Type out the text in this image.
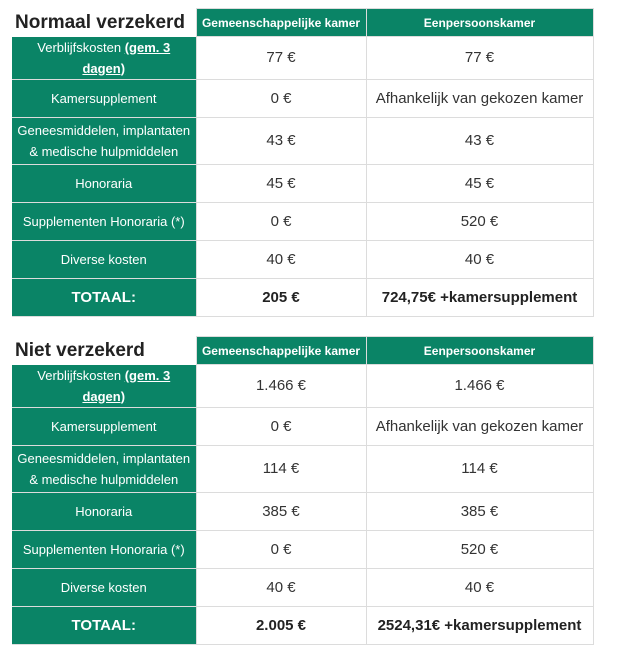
Normaal verzekerd	Gemeenschappelijke kamer	Eenpersoonskamer
Verblijfskosten (gem. 3 dagen)	77 €	77 €
Kamersupplement	0 €	Afhankelijk van gekozen kamer
Geneesmiddelen, implantaten
& medische hulpmiddelen	43 €	43 €
Honoraria	45 €	45 €
Supplementen Honoraria (*)	0 €	520 €
Diverse kosten	40 €	40 €
TOTAAL:	205 €	724,75€ +kamersupplement
Niet verzekerd	Gemeenschappelijke kamer	Eenpersoonskamer
Verblijfskosten (gem. 3 dagen)	1.466 €	1.466 €
Kamersupplement	0 €	Afhankelijk van gekozen kamer
Geneesmiddelen, implantaten
& medische hulpmiddelen	114 €	114 €
Honoraria	385 €	385 €
Supplementen Honoraria (*)	0 €	520 €
Diverse kosten	40 €	40 €
TOTAAL:	2.005 €	2524,31€ +kamersupplement
